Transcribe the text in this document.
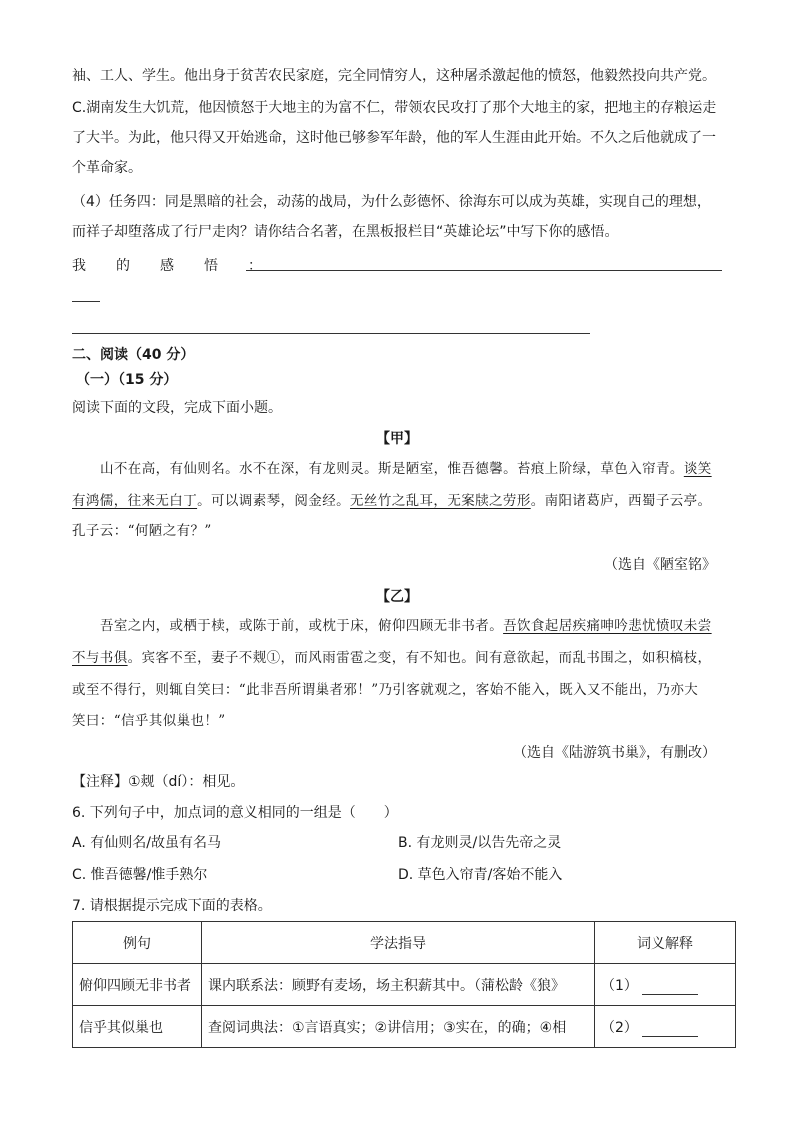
袖、工人、学生。他出身于贫苦农民家庭，完全同情穷人，这种屠杀激起他的愤怒，他毅然投向共产党。
C.湖南发生大饥荒，他因愤怒于大地主的为富不仁，带领农民攻打了那个大地主的家，把地主的存粮运走
了大半。为此，他只得又开始逃命，这时他已够参军年龄，他的军人生涯由此开始。不久之后他就成了一
个革命家。
（4）任务四：同是黑暗的社会，动荡的战局，为什么彭德怀、徐海东可以成为英雄，实现自己的理想，
而祥子却堕落成了行尸走肉？请你结合名著，在黑板报栏目“英雄论坛”中写下你的感悟。
我的感悟：
二、阅读（40 分）
（一）（15 分）
阅读下面的文段，完成下面小题。
【甲】
山不在高，有仙则名。水不在深，有龙则灵。斯是陋室，惟吾德馨。苔痕上阶绿，草色入帘青。谈笑
有鸿儒，往来无白丁。可以调素琴，阅金经。无丝竹之乱耳，无案牍之劳形。南阳诸葛庐，西蜀子云亭。
孔子云：“何陋之有？”
（选自《陋室铭》
【乙】
吾室之内，或栖于椟，或陈于前，或枕于床，俯仰四顾无非书者。吾饮食起居疾痛呻吟悲忧愤叹未尝
不与书俱。宾客不至，妻子不觌①，而风雨雷雹之变，有不知也。间有意欲起，而乱书围之，如积槁枝，
或至不得行，则辄自笑曰：“此非吾所谓巢者邪！”乃引客就观之，客始不能入，既入又不能出，乃亦大
笑曰：“信乎其似巢也！”
（选自《陆游筑书巢》，有删改）
【注释】①觌（dí）：相见。
6. 下列句子中，加点词的意义相同的一组是（　　）
A. 有仙则名/故虽有名马	B. 有龙则灵/以告先帝之灵
C. 惟吾德馨/惟手熟尔	D. 草色入帘青/客始不能入
7. 请根据提示完成下面的表格。
例句	学法指导	词义解释
俯仰四顾无非书者	课内联系法：顾野有麦场，场主积薪其中。（蒲松龄《狼》	（1）
信乎其似巢也	查阅词典法：①言语真实；②讲信用；③实在，的确；④相	（2）
